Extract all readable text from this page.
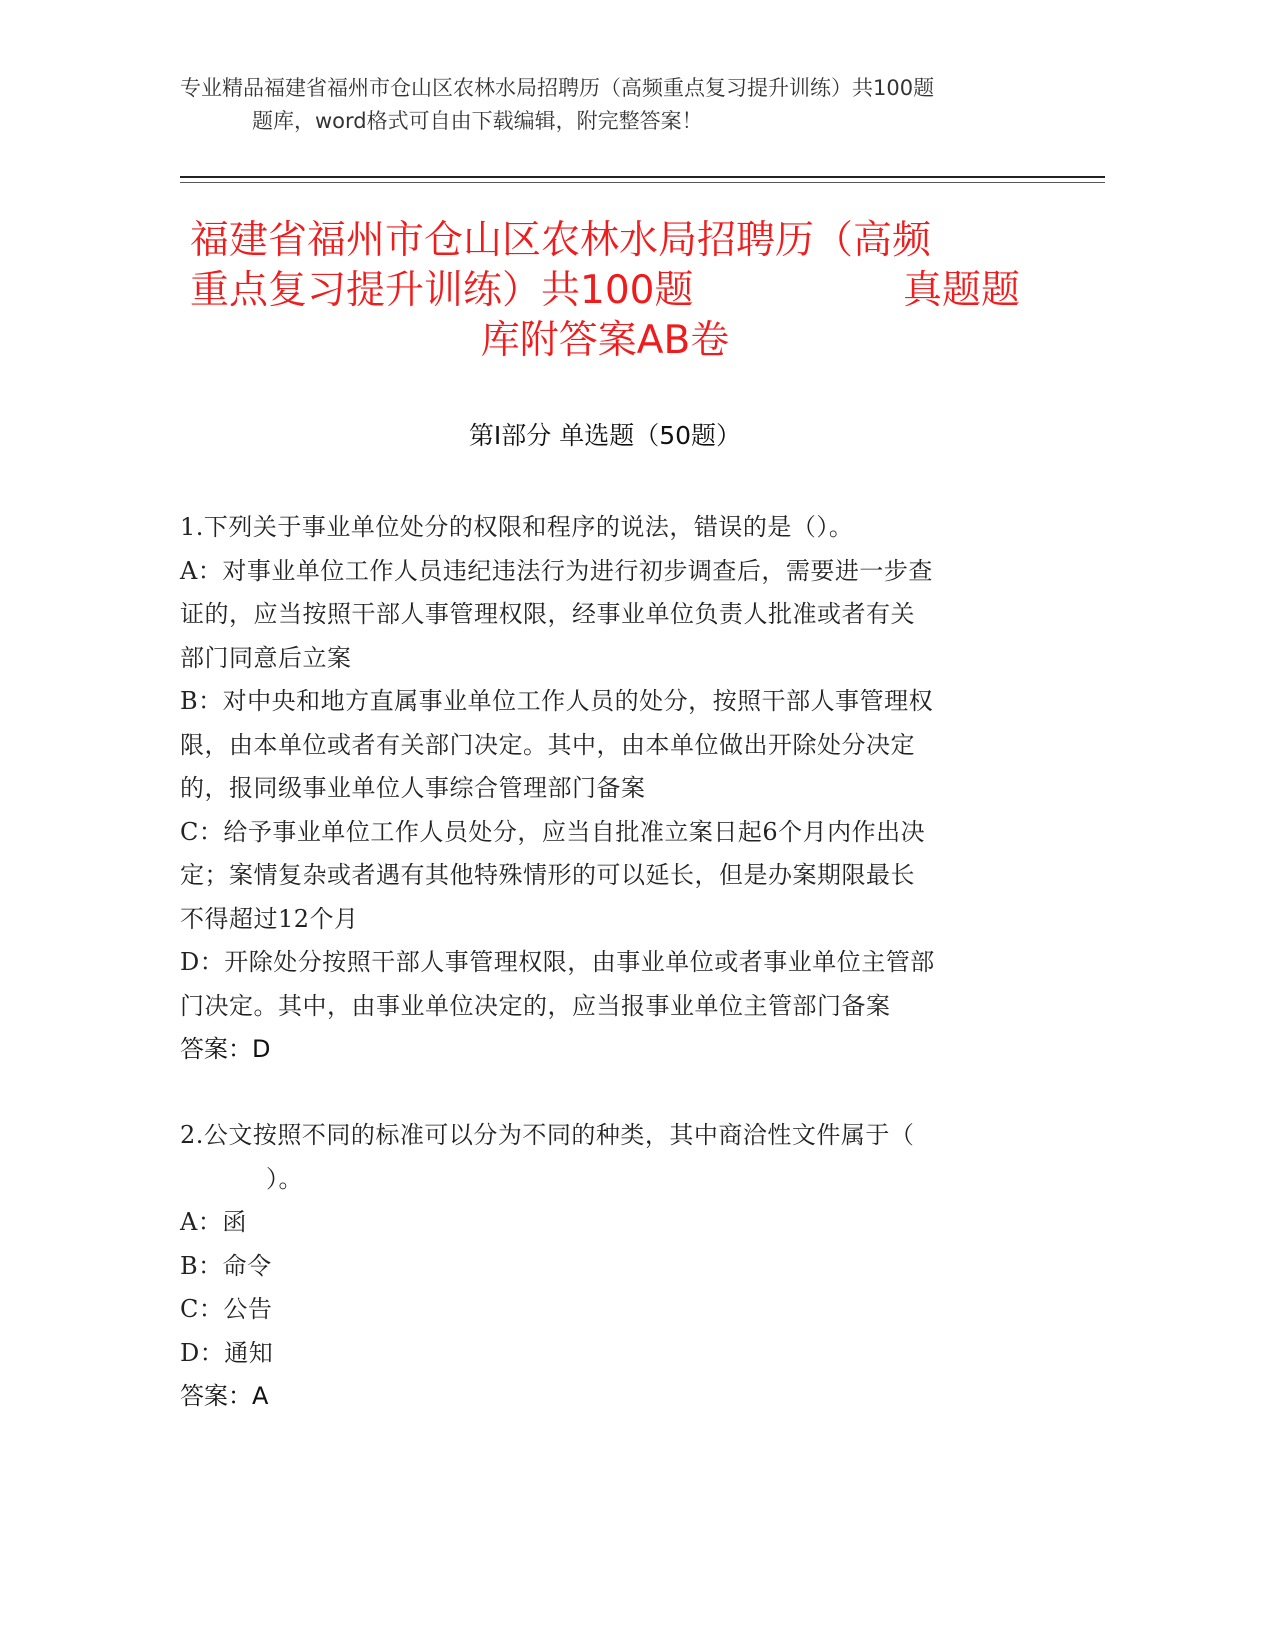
专业精品福建省福州市仓山区农林水局招聘历（高频重点复习提升训练）共100题
题库，word格式可自由下载编辑，附完整答案！
福建省福州市仓山区农林水局招聘历（高频
重点复习提升训练）共100题	真题题
库附答案AB卷
第Ⅰ部分 单选题（50题）
1.下列关于事业单位处分的权限和程序的说法，错误的是（）。
A：对事业单位工作人员违纪违法行为进行初步调查后，需要进一步查
证的，应当按照干部人事管理权限，经事业单位负责人批准或者有关
部门同意后立案
B：对中央和地方直属事业单位工作人员的处分，按照干部人事管理权
限，由本单位或者有关部门决定。其中，由本单位做出开除处分决定
的，报同级事业单位人事综合管理部门备案
C：给予事业单位工作人员处分，应当自批准立案日起6个月内作出决
定；案情复杂或者遇有其他特殊情形的可以延长，但是办案期限最长
不得超过12个月
D：开除处分按照干部人事管理权限，由事业单位或者事业单位主管部
门决定。其中，由事业单位决定的，应当报事业单位主管部门备案
答案：D
2.公文按照不同的标准可以分为不同的种类，其中商洽性文件属于（
）。
A：函
B：命令
C：公告
D：通知
答案：A
